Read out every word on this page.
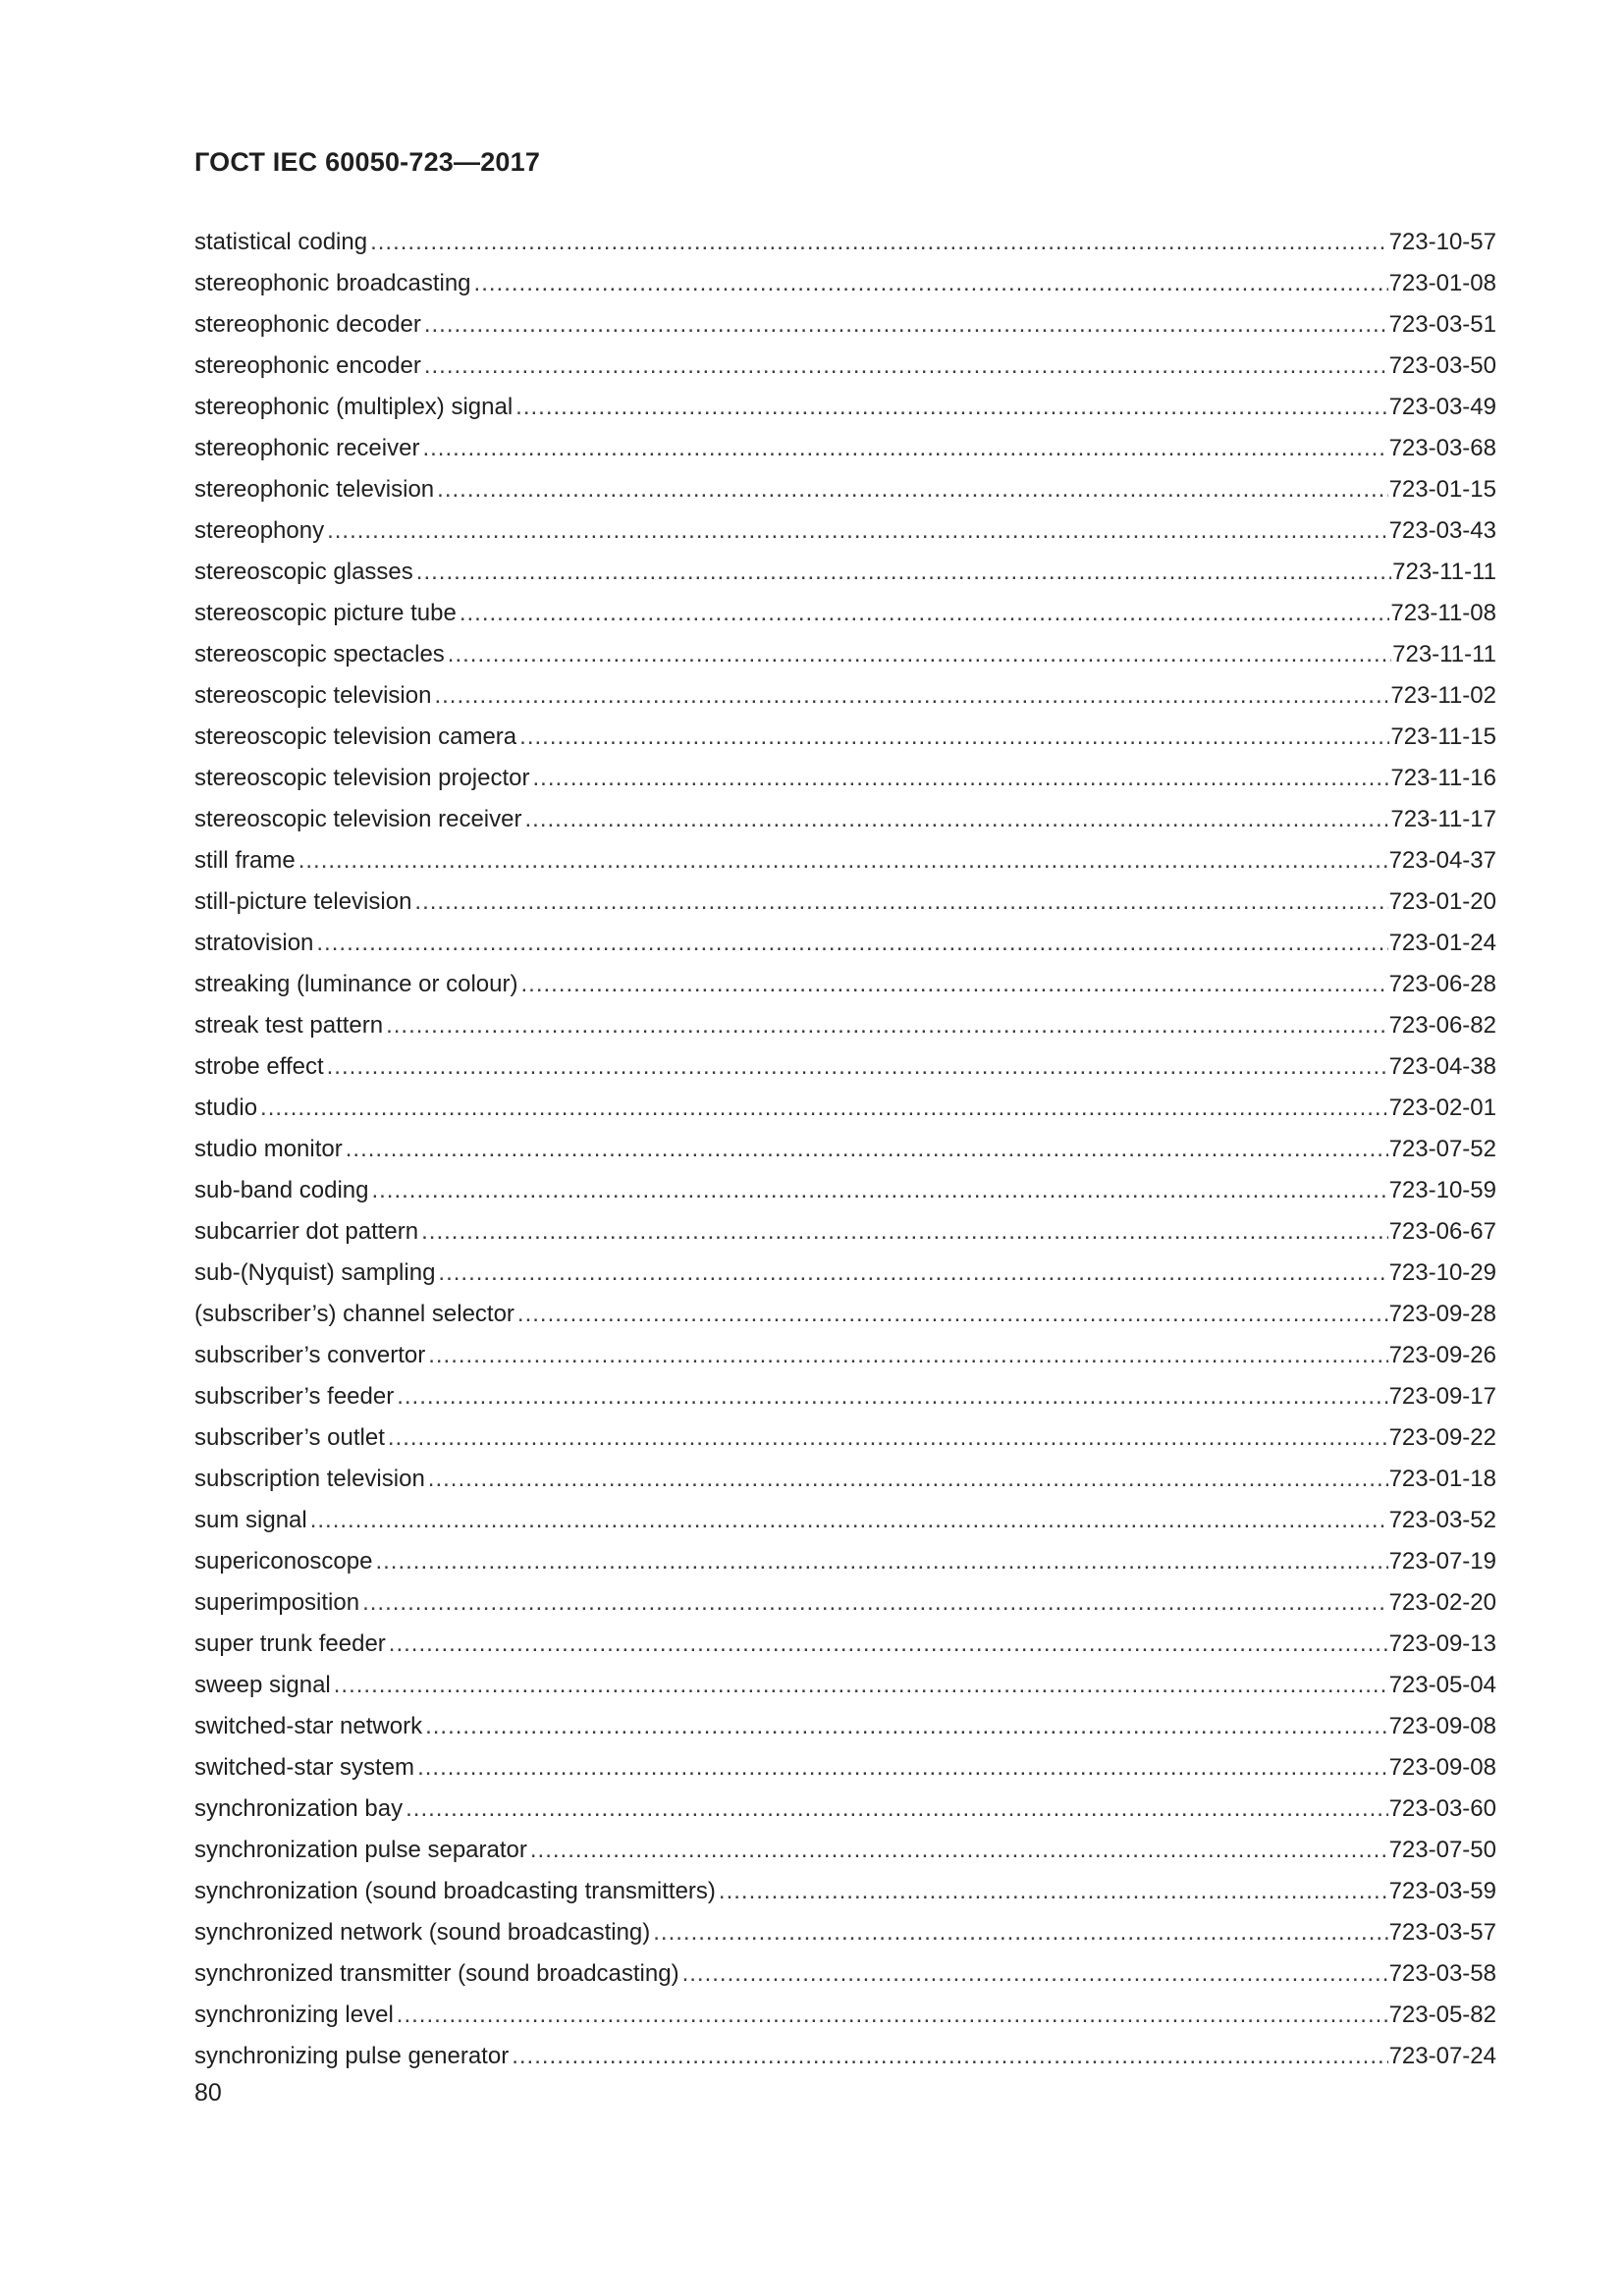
ГОСТ IEC 60050-723—2017
statistical coding .....	723-10-57
stereophonic broadcasting .....	723-01-08
stereophonic decoder .....	723-03-51
stereophonic encoder .....	723-03-50
stereophonic (multiplex) signal .....	723-03-49
stereophonic receiver .....	723-03-68
stereophonic television .....	723-01-15
stereophony .....	723-03-43
stereoscopic glasses .....	723-11-11
stereoscopic picture tube .....	723-11-08
stereoscopic spectacles .....	723-11-11
stereoscopic television .....	723-11-02
stereoscopic television camera .....	723-11-15
stereoscopic television projector .....	723-11-16
stereoscopic television receiver .....	723-11-17
still frame .....	723-04-37
still-picture television .....	723-01-20
stratovision .....	723-01-24
streaking (luminance or colour) .....	723-06-28
streak test pattern .....	723-06-82
strobe effect .....	723-04-38
studio .....	723-02-01
studio monitor .....	723-07-52
sub-band coding .....	723-10-59
subcarrier dot pattern .....	723-06-67
sub-(Nyquist) sampling .....	723-10-29
(subscriber’s) channel selector .....	723-09-28
subscriber’s convertor .....	723-09-26
subscriber’s feeder .....	723-09-17
subscriber’s outlet .....	723-09-22
subscription television .....	723-01-18
sum signal .....	723-03-52
supericonoscope .....	723-07-19
superimposition .....	723-02-20
super trunk feeder .....	723-09-13
sweep signal .....	723-05-04
switched-star network .....	723-09-08
switched-star system .....	723-09-08
synchronization bay .....	723-03-60
synchronization pulse separator .....	723-07-50
synchronization (sound broadcasting transmitters) .....	723-03-59
synchronized network (sound broadcasting) .....	723-03-57
synchronized transmitter (sound broadcasting) .....	723-03-58
synchronizing level .....	723-05-82
synchronizing pulse generator .....	723-07-24
80
